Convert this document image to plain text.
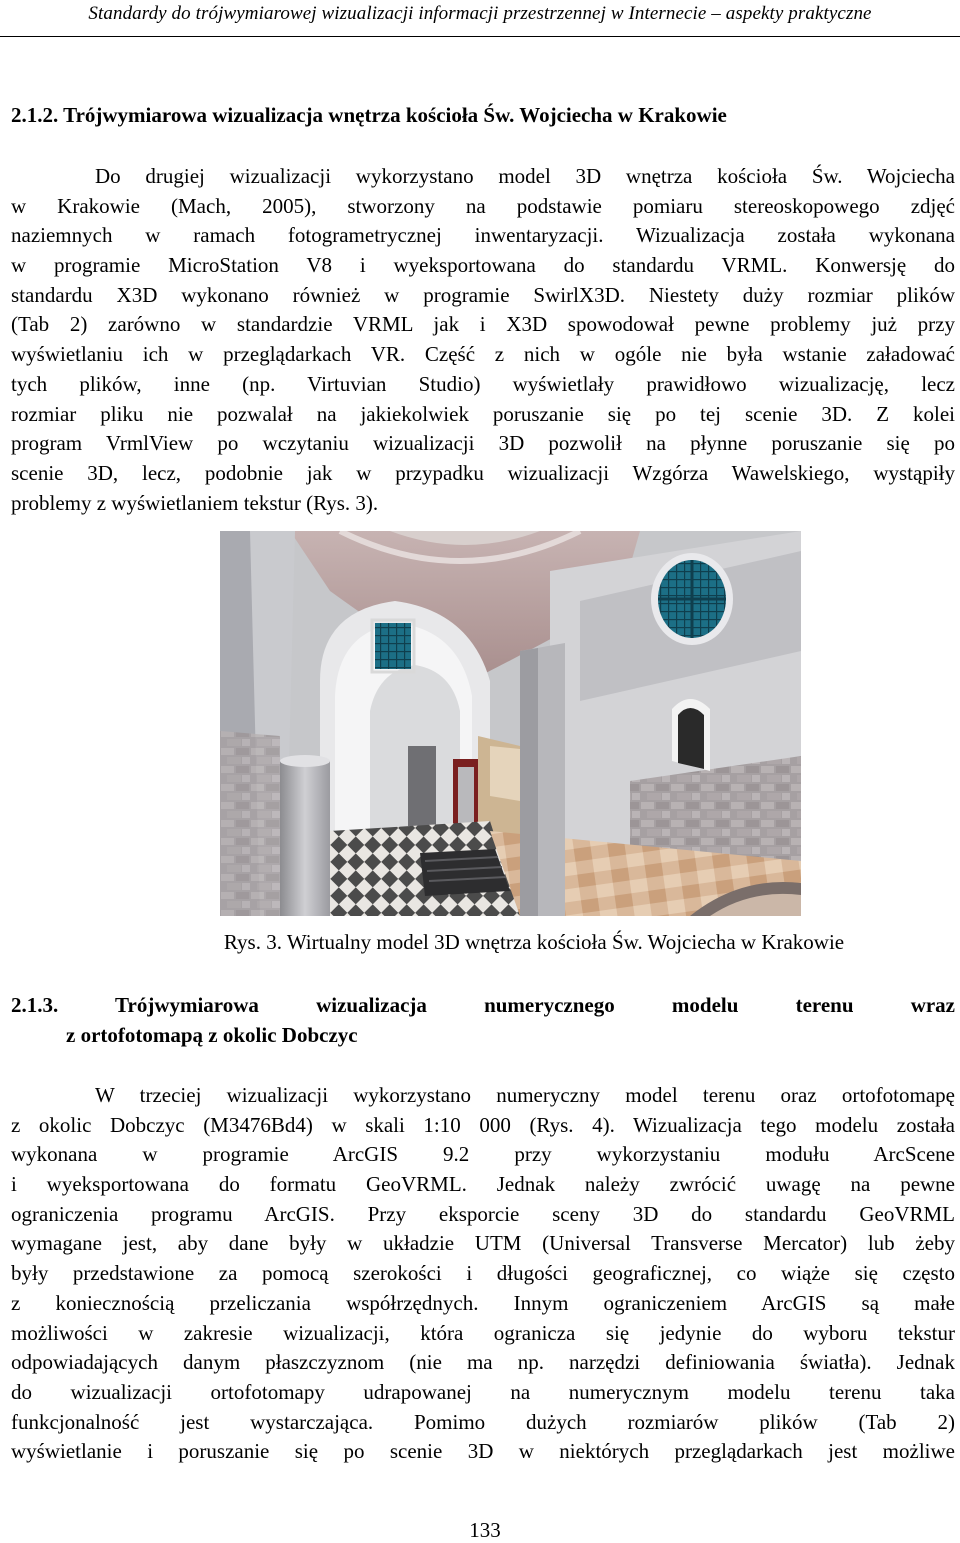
Standardy do trójwymiarowej wizualizacji informacji przestrzennej w Internecie – aspekty praktyczne
2.1.2. Trójwymiarowa wizualizacja wnętrza kościoła Św. Wojciecha w Krakowie
Do drugiej wizualizacji wykorzystano model 3D wnętrza kościoła Św. Wojciecha
w Krakowie (Mach, 2005), stworzony na podstawie pomiaru stereoskopowego zdjęć
naziemnych w ramach fotogrametrycznej inwentaryzacji. Wizualizacja została wykonana
w programie MicroStation V8 i wyeksportowana do standardu VRML. Konwersję do
standardu X3D wykonano również w programie SwirlX3D. Niestety duży rozmiar plików
(Tab 2) zarówno w standardzie VRML jak i X3D spowodował pewne problemy już przy
wyświetlaniu ich w przeglądarkach VR. Część z nich w ogóle nie była wstanie załadować
tych plików, inne (np. Virtuvian Studio) wyświetlały prawidłowo wizualizację, lecz
rozmiar pliku nie pozwalał na jakiekolwiek poruszanie się po tej scenie 3D. Z kolei
program VrmlView po wczytaniu wizualizacji 3D pozwolił na płynne poruszanie się po
scenie 3D, lecz, podobnie jak w przypadku wizualizacji Wzgórza Wawelskiego, wystąpiły
problemy z wyświetlaniem tekstur (Rys. 3).
Rys. 3. Wirtualny model 3D wnętrza kościoła Św. Wojciecha w Krakowie
2.1.3. Trójwymiarowa wizualizacja numerycznego modelu terenu wraz
z ortofotomapą z okolic Dobczyc
W trzeciej wizualizacji wykorzystano numeryczny model terenu oraz ortofotomapę
z okolic Dobczyc (M3476Bd4) w skali 1:10 000 (Rys. 4). Wizualizacja tego modelu została
wykonana w programie ArcGIS 9.2 przy wykorzystaniu modułu ArcScene
i wyeksportowana do formatu GeoVRML. Jednak należy zwrócić uwagę na pewne
ograniczenia programu ArcGIS. Przy eksporcie sceny 3D do standardu GeoVRML
wymagane jest, aby dane były w układzie UTM (Universal Transverse Mercator) lub żeby
były przedstawione za pomocą szerokości i długości geograficznej, co wiąże się często
z koniecznością przeliczania współrzędnych. Innym ograniczeniem ArcGIS są małe
możliwości w zakresie wizualizacji, która ogranicza się jedynie do wyboru tekstur
odpowiadających danym płaszczyznom (nie ma np. narzędzi definiowania światła). Jednak
do wizualizacji ortofotomapy udrapowanej na numerycznym modelu terenu taka
funkcjonalność jest wystarczająca. Pomimo dużych rozmiarów plików (Tab 2)
wyświetlanie i poruszanie się po scenie 3D w niektórych przeglądarkach jest możliwe
133
